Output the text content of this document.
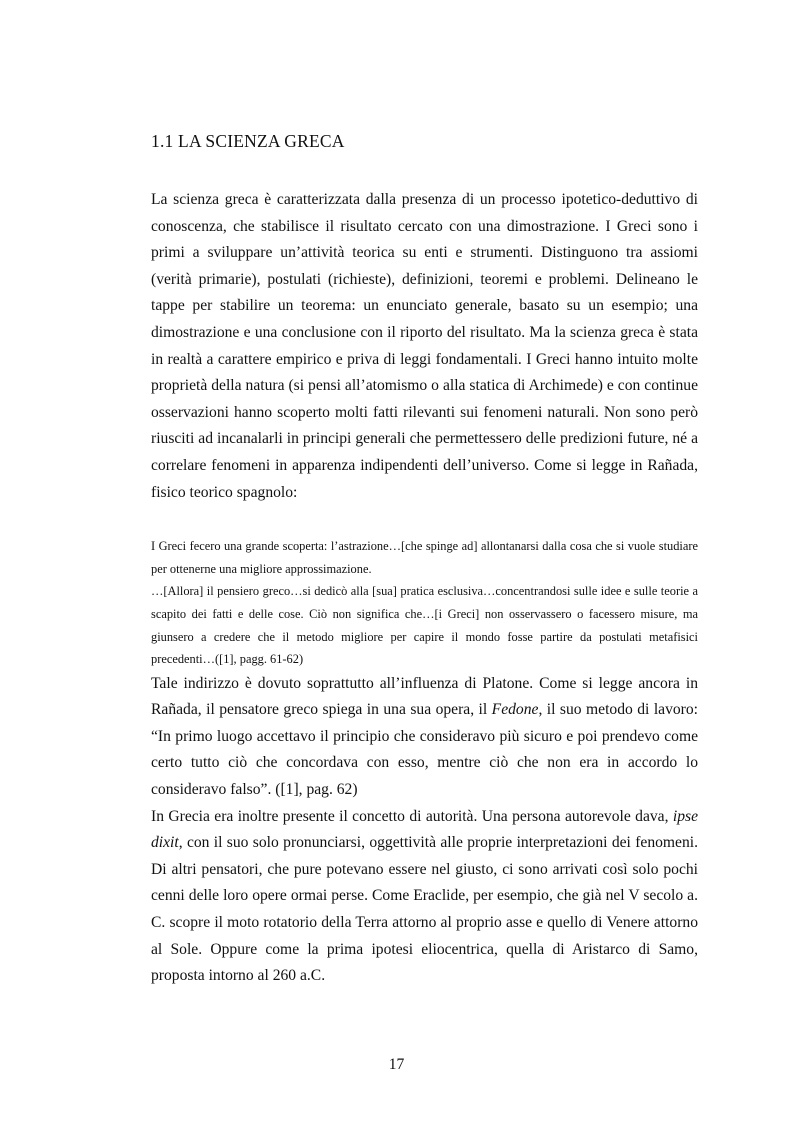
1.1 LA SCIENZA GRECA

La scienza greca è caratterizzata dalla presenza di un processo ipotetico-deduttivo di conoscenza, che stabilisce il risultato cercato con una dimostrazione. I Greci sono i primi a sviluppare un’attività teorica su enti e strumenti. Distinguono tra assiomi (verità primarie), postulati (richieste), definizioni, teoremi e problemi. Delineano le tappe per stabilire un teorema: un enunciato generale, basato su un esempio; una dimostrazione e una conclusione con il riporto del risultato. Ma la scienza greca è stata in realtà a carattere empirico e priva di leggi fondamentali. I Greci hanno intuito molte proprietà della natura (si pensi all’atomismo o alla statica di Archimede) e con continue osservazioni hanno scoperto molti fatti rilevanti sui fenomeni naturali. Non sono però riusciti ad incanalarli in principi generali che permettessero delle predizioni future, né a correlare fenomeni in apparenza indipendenti dell’universo. Come si legge in Rañada, fisico teorico spagnolo:

I Greci fecero una grande scoperta: l’astrazione…[che spinge ad] allontanarsi dalla cosa che si vuole studiare per ottenerne una migliore approssimazione.

…[Allora] il pensiero greco…si dedicò alla [sua] pratica esclusiva…concentrandosi sulle idee e sulle teorie a scapito dei fatti e delle cose. Ciò non significa che…[i Greci] non osservassero o facessero misure, ma giunsero a credere che il metodo migliore per capire il mondo fosse partire da postulati metafisici precedenti…([1], pagg. 61-62)

Tale indirizzo è dovuto soprattutto all’influenza di Platone. Come si legge ancora in Rañada, il pensatore greco spiega in una sua opera, il Fedone, il suo metodo di lavoro: “In primo luogo accettavo il principio che consideravo più sicuro e poi prendevo come certo tutto ciò che concordava con esso, mentre ciò che non era in accordo lo consideravo falso”. ([1], pag. 62)

In Grecia era inoltre presente il concetto di autorità. Una persona autorevole dava, ipse dixit, con il suo solo pronunciarsi, oggettività alle proprie interpretazioni dei fenomeni. Di altri pensatori, che pure potevano essere nel giusto, ci sono arrivati così solo pochi cenni delle loro opere ormai perse. Come Eraclide, per esempio, che già nel V secolo a. C. scopre il moto rotatorio della Terra attorno al proprio asse e quello di Venere attorno al Sole. Oppure come la prima ipotesi eliocentrica, quella di Aristarco di Samo, proposta intorno al 260 a.C.

17
